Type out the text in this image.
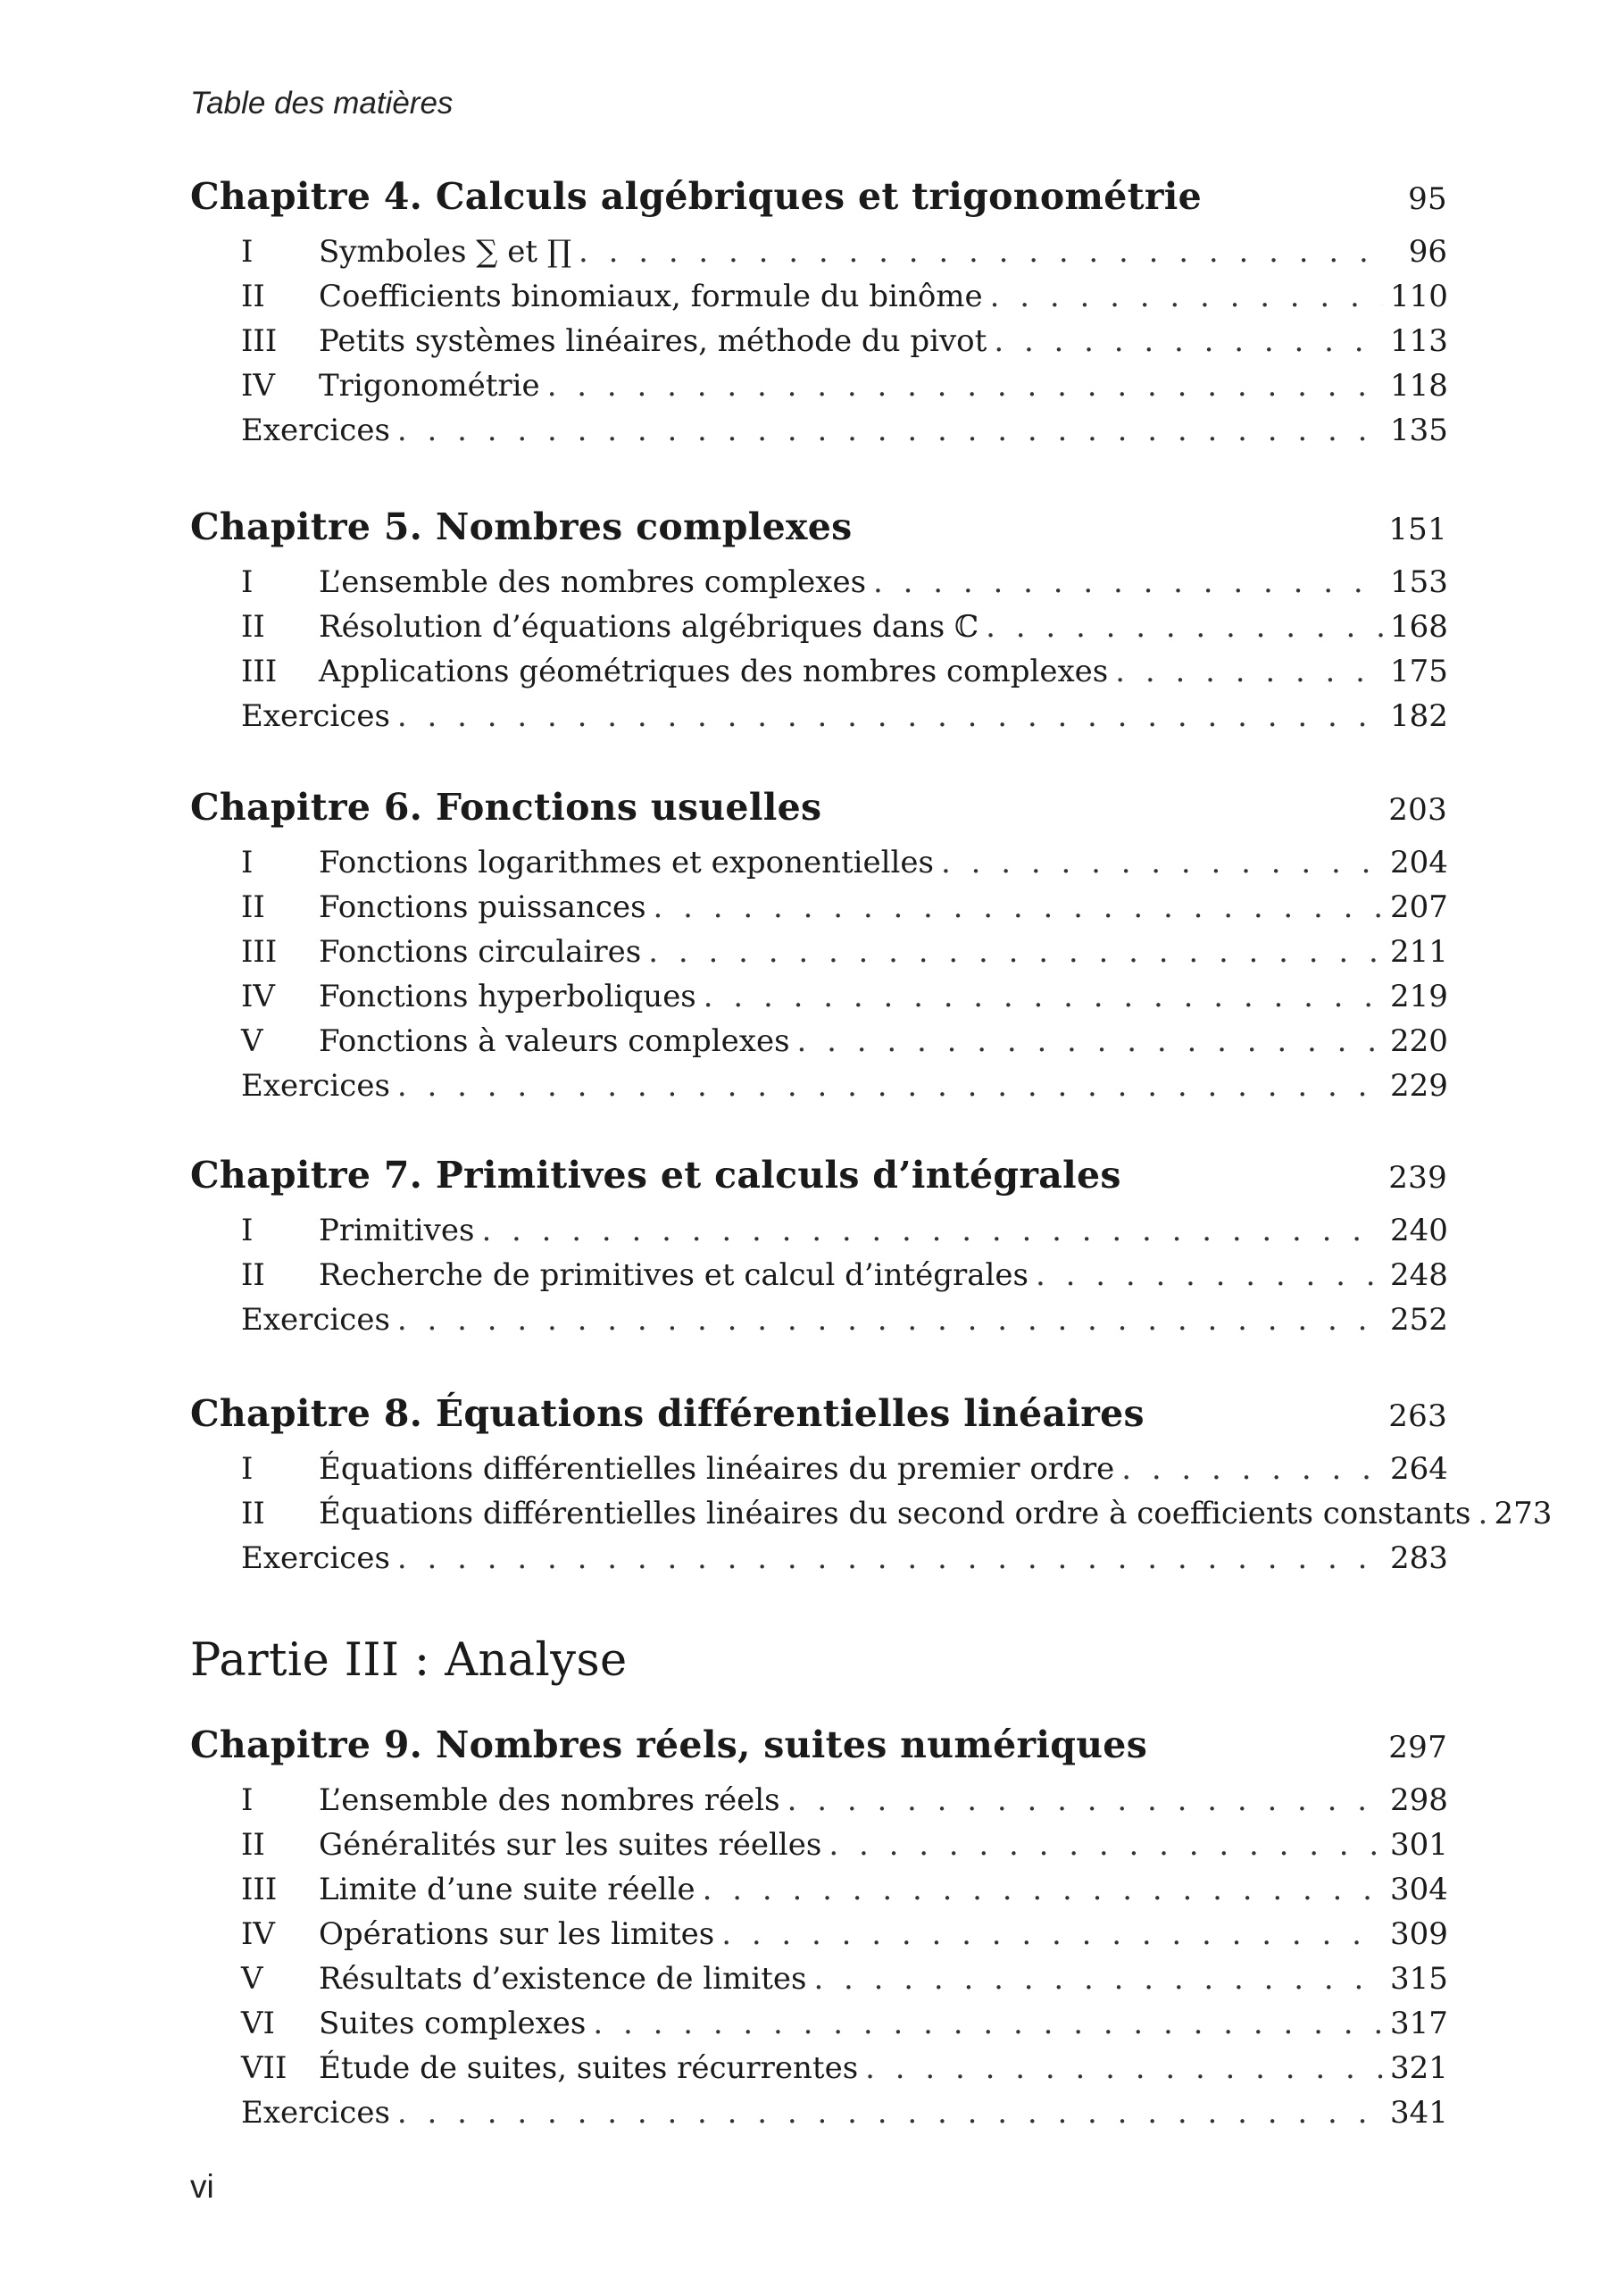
Table des matières
Chapitre 4. Calculs algébriques et trigonométrie	95
I	Symboles ∑ et ∏ . . .	96
II	Coefficients binomiaux, formule du binôme . . .	110
III	Petits systèmes linéaires, méthode du pivot . . .	113
IV	Trigonométrie . . .	118
Exercices . . .	135
Chapitre 5. Nombres complexes	151
I	L’ensemble des nombres complexes . . .	153
II	Résolution d’équations algébriques dans ℂ . . .	168
III	Applications géométriques des nombres complexes . . .	175
Exercices . . .	182
Chapitre 6. Fonctions usuelles	203
I	Fonctions logarithmes et exponentielles . . .	204
II	Fonctions puissances . . .	207
III	Fonctions circulaires . . .	211
IV	Fonctions hyperboliques . . .	219
V	Fonctions à valeurs complexes . . .	220
Exercices . . .	229
Chapitre 7. Primitives et calculs d’intégrales	239
I	Primitives . . .	240
II	Recherche de primitives et calcul d’intégrales . . .	248
Exercices . . .	252
Chapitre 8. Équations différentielles linéaires	263
I	Équations différentielles linéaires du premier ordre . . .	264
II	Équations différentielles linéaires du second ordre à coefficients constants . . . 273
Exercices . . .	283
Partie III : Analyse
Chapitre 9. Nombres réels, suites numériques	297
I	L’ensemble des nombres réels . . .	298
II	Généralités sur les suites réelles . . .	301
III	Limite d’une suite réelle . . .	304
IV	Opérations sur les limites . . .	309
V	Résultats d’existence de limites . . .	315
VI	Suites complexes . . .	317
VII	Étude de suites, suites récurrentes . . .	321
Exercices . . .	341
vi
